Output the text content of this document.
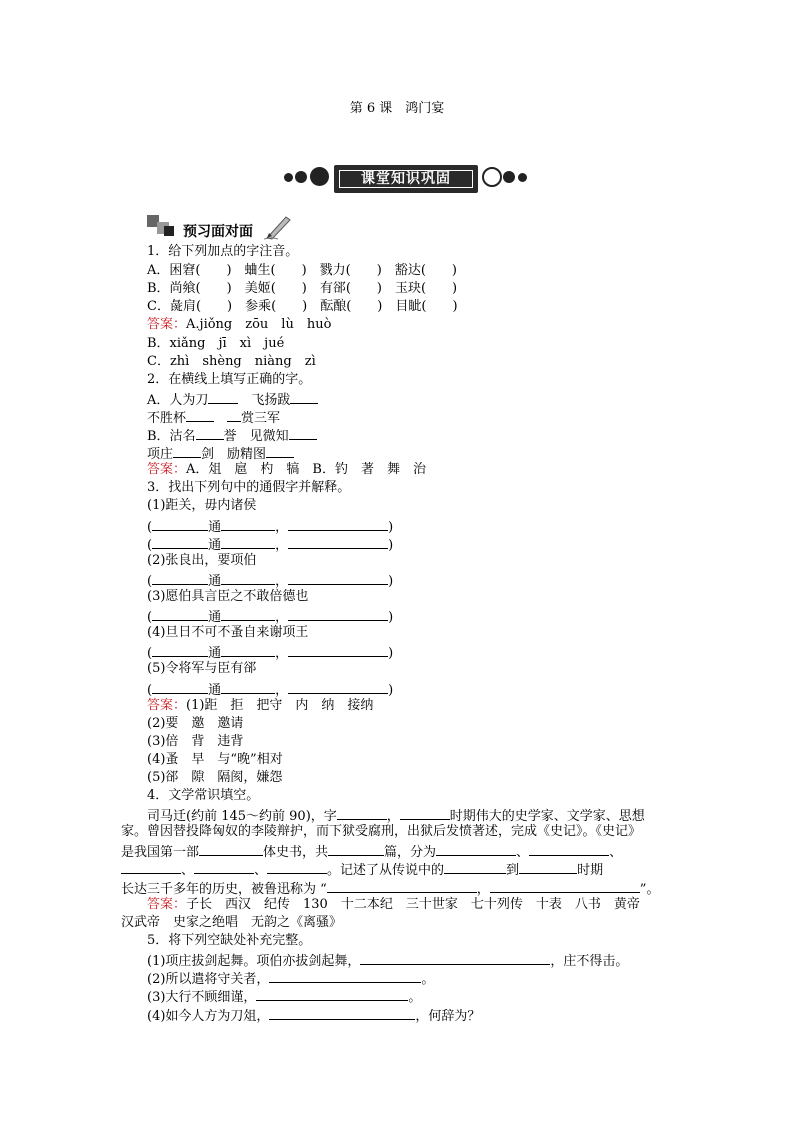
第 6 课　鸿门宴
课堂知识巩固
预习面对面
1．给下列加点的字注音。
A．困窘(　　)　蛐生(　　)　戮力(　　)　豁达(　　)
B．尚飨(　　)　美姬(　　)　有郤(　　)　玉玦(　　)
C．彘肩(　　)　参乘(　　)　酝酿(　　)　目眦(　　)
答案：A.jiǒng　zōu　lù　huò
B．xiǎng　jī　xì　jué
C．zhì　shèng　niàng　zì
2．在横线上填写正确的字。
A．人为刀　飞扬跋
不胜杯　	赏三军
B．沽名 誉　见微知
项庄 剑　励精图
答案：A．俎　扈　杓　犒　B．钓　著　舞　治
3．找出下列句中的通假字并解释。
(1)距关，毋内诸侯
(	通	，	)
(	通	，	)
(2)张良出，要项伯
(	通	，	)
(3)愿伯具言臣之不敢倍德也
(	通	，	)
(4)旦日不可不蚤自来谢项王
(	通	，	)
(5)令将军与臣有郤
(	通	，	)
答案：(1)距　拒　把守　内　纳　接纳
(2)要　邀　邀请
(3)倍　背　违背
(4)蚤　早　与“晚”相对
(5)郤　隙　隔阂，嫌怨
4．文学常识填空。
司马迁(约前 145～约前 90)，字	，	时期伟大的史学家、文学家、思想
家。曾因替投降匈奴的李陵辩护，而下狱受腐刑，出狱后发愤著述，完成《史记》。《史记》
是我国第一部	体史书，共	篇，分为	、	、
、	、	。记述了从传说中的	到	时期
长达三千多年的历史，被鲁迅称为 “	，	”。
答案：子长　西汉　纪传　130　十二本纪　三十世家　七十列传　十表　八书　黄帝
汉武帝　史家之绝唱　无韵之《离骚》
5．将下列空缺处补充完整。
(1)项庄拔剑起舞。项伯亦拔剑起舞，	，庄不得击。
(2)所以遣将守关者，	。
(3)大行不顾细谨，	。
(4)如今人方为刀俎，	，何辞为？
